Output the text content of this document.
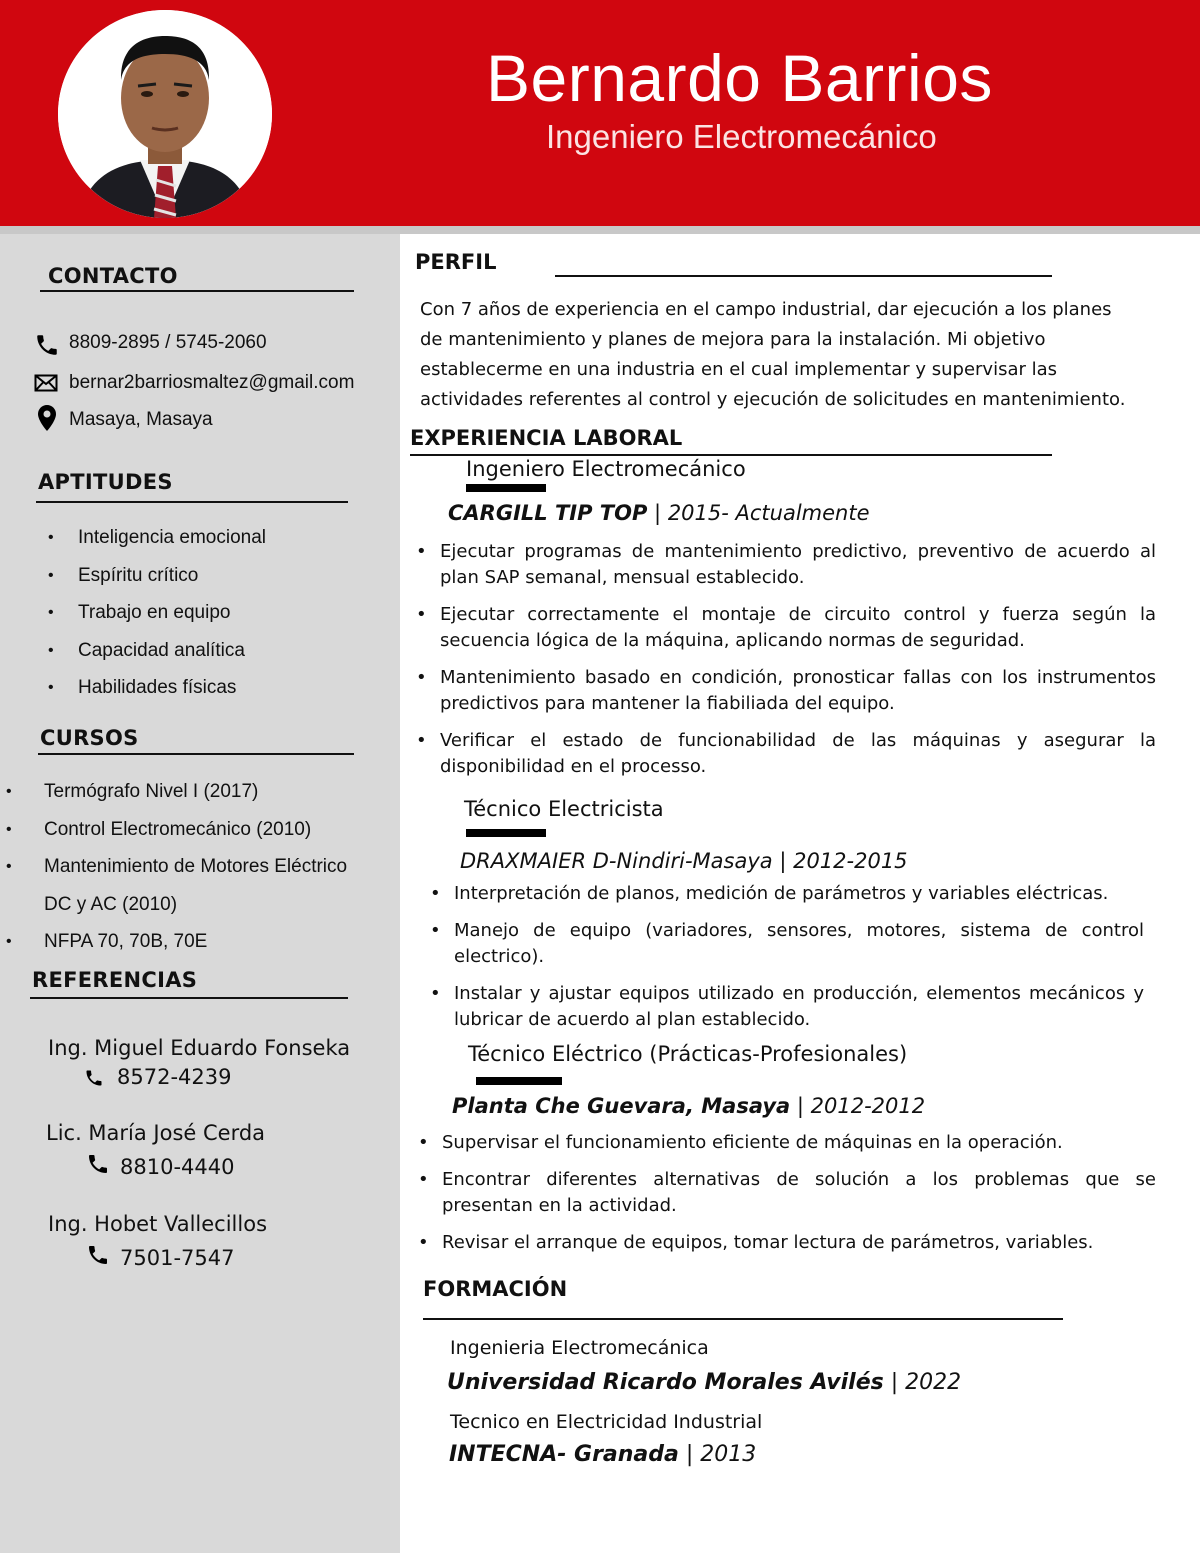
Bernardo Barrios
Ingeniero Electromecánico
CONTACTO
8809-2895 / 5745-2060
bernar2barriosmaltez@gmail.com
Masaya, Masaya
APTITUDES
• Inteligencia emocional
• Espíritu crítico
• Trabajo en equipo
• Capacidad analítica
• Habilidades físicas
CURSOS
• Termógrafo Nivel I (2017)
• Control Electromecánico (2010)
• Mantenimiento de Motores Eléctrico
DC y AC (2010)
• NFPA 70, 70B, 70E
REFERENCIAS
Ing. Miguel Eduardo Fonseka
8572-4239
Lic. María José Cerda
8810-4440
Ing. Hobet Vallecillos
7501-7547
PERFIL
Con 7 años de experiencia en el campo industrial, dar ejecución a los planes
de mantenimiento y planes de mejora para la instalación. Mi objetivo
establecerme en una industria en el cual implementar y supervisar las
actividades referentes al control y ejecución de solicitudes en mantenimiento.
EXPERIENCIA LABORAL
Ingeniero Electromecánico
CARGILL TIP TOP | 2015- Actualmente
• Ejecutar programas de mantenimiento predictivo, preventivo de acuerdo al plan SAP semanal, mensual establecido.
• Ejecutar correctamente el montaje de circuito control y fuerza según la secuencia lógica de la máquina, aplicando normas de seguridad.
• Mantenimiento basado en condición, pronosticar fallas con los instrumentos predictivos para mantener la fiabiliada del equipo.
• Verificar el estado de funcionabilidad de las máquinas y asegurar la disponibilidad en el processo.
Técnico Electricista
DRAXMAIER D-Nindiri-Masaya | 2012-2015
• Interpretación de planos, medición de parámetros y variables eléctricas.
• Manejo de equipo (variadores, sensores, motores, sistema de control electrico).
• Instalar y ajustar equipos utilizado en producción, elementos mecánicos y lubricar de acuerdo al plan establecido.
Técnico Eléctrico (Prácticas-Profesionales)
Planta Che Guevara, Masaya | 2012-2012
• Supervisar el funcionamiento eficiente de máquinas en la operación.
• Encontrar diferentes alternativas de solución a los problemas que se presentan en la actividad.
• Revisar el arranque de equipos, tomar lectura de parámetros, variables.
FORMACIÓN
Ingenieria Electromecánica
Universidad Ricardo Morales Avilés | 2022
Tecnico en Electricidad Industrial
INTECNA- Granada | 2013
